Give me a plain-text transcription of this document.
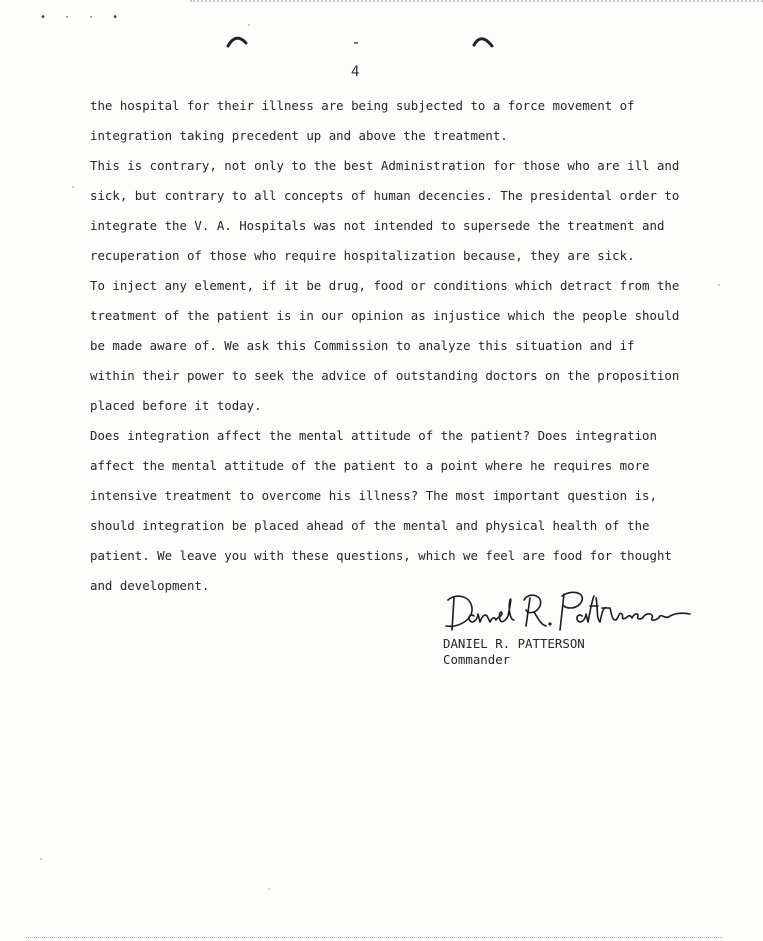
• · · •
4
the hospital for their illness are being subjected to a force movement of
integration taking precedent up and above the treatment.
This is contrary, not only to the best Administration for those who are ill and
sick, but contrary to all concepts of human decencies. The presidental order to
integrate the V. A. Hospitals was not intended to supersede the treatment and
recuperation of those who require hospitalization because, they are sick.
To inject any element, if it be drug, food or conditions which detract from the
treatment of the patient is in our opinion as injustice which the people should
be made aware of. We ask this Commission to analyze this situation and if
within their power to seek the advice of outstanding doctors on the proposition
placed before it today.
Does integration affect the mental attitude of the patient? Does integration
affect the mental attitude of the patient to a point where he requires more
intensive treatment to overcome his illness? The most important question is,
should integration be placed ahead of the mental and physical health of the
patient. We leave you with these questions, which we feel are food for thought
and development.
DANIEL R. PATTERSON
Commander
